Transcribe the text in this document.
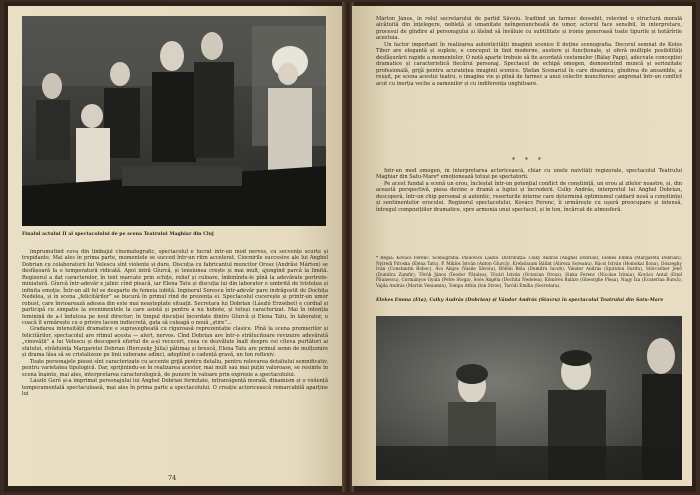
Finalul actului II al spectacolului de pe scena Teatrului Maghiar din Cluj

împrumutînd ceva din limbajul cinematografic, spectacolul e lucrat într-un mod nervos, cu secvențe scurte și trepidante. Mai ales în prima parte, momentele se succed într-un ritm accelerat. Ciocnirile succesive ale lui Anghel Dobrian cu colaboratorii lui Velescu sînt violente și dure. Discuția cu fabricantul muncitor Orosz (Andrăsi Márton) se desfășoară la o temperatură ridicată. Apoi intră Gîurcă, și tensiunea crește și mai mult, ajungînd parcă la limită. Regizorul a dat caracterelor, în text marcate prin schițe, relief și culoare, îmbinîndu-le pînă la adevărate portrete-miniatură. Gîurcă într-adevăr e jalnic cînd pleacă, iar Elena Tatu și discuția lui din laborator e umbrită de tristețea și infinita emoție. Într-un alt fel se desparte de femeia iubită. Inginerul Sorescu într-adevăr pare indrăgostit de Dochița Nedelea, și în scena „felicitărilor” se bucură în primul rînd de prezența ei. Spectacolul cucerește și printr-un umor robust, care învioarează adesea din este mai neașteptate situații. Secretara lui Dobrian (László Erzsébet) e cordial și participă cu simpatie la evenimentele la care asistă și pentru a nu hohote, și totuși caracterizat. Mai în intenția feminină de a-l îndulcea pe noul director; în timpul discuției încordate dintre Gîurcă și Elena Tatu, în laborator, o coacă îl urmărește cu o privire lacom indiscretă, gata să culeagă o nouă „știre”...

Gradarea intensității dramatice e supravegheată cu riguroasă reprezentație clasice. Pînă la scena premierilor și felicitărilor, spectacolul are ritmul acesta — alert, nervos. Cînd Dobrian are într-o strălucitoare revizuire adevărată „vinovății” a lui Velescu și descoperă efortul de a-și recuceri, ceea ce dezvăluie înalt despre cei cîteva purtători ai sfatului, străduința Margaretei Dobrian (Berczeky Júlia) pătimaș și bruscă, Elena Tatu are primul semn de mulțumire și drama lăsa să se cristalizeze pe linii suberane adînci, adoptînd o cadență gravă, un ton reflexiv.

Toate personajele piesei sînt caracterizate cu accente grijă pentru detaliu, pentru relevarea detaliului semnificativ, pentru varietatea tipologică. Dar, sprijinindu-se în realizarea acestor, mai mult sau mai puțin valoroase, se resimte în scena înainte, mai ales, interpretarea caracterologică, de punere în valoare prin expresie a spectacolului.

László Gerő și-a imprimat personajului lui Anghel Dobrian fermitate, intransigență morală, dinamism și o violență temperamentală spectaculoasă, mai ales în prima parte a spectacolului. O creație actoricească remarcabilă aparține lui

74

Márton János, în rolul secretarului de partid Săvoiu. Iradiind un farmec deosebit, relevînd o structură morală alcătuită din înțelegere, nobleță și umanitate neîngenuncheată de umor, actorul face sensibil, în interpretare, procesul de gîndire al personajului și lăsînd să învăluie cu subtilitate și ironie generoasă toate tipurile și hotărîrile acestuia.

Un factor important în realizarea autenticității imaginii scenice îl deține scenografia. Decorul semnat de Kolos Tibor are elegantă și supleie, e conceput în linii moderne, austere și funcționale, și oferă multiple posibilități desfășurării rapide a momentelor. O notă aparte trebuie să fie acordată costumelor (Bálay Papp), adecvate concepției dramatice și caracteristică fiecărui personaj. Spectacol de echipă omogen, demonstrînd muncă și seriozitate profesională, grijă pentru acuratețea imaginii scenice. Ștefan Scenariul în care dinamica, gîndirea de ansamblu, a reușit, pe scena acestui teatru, o imagine vie și plină de farmec a unui colectiv muncitoresc angrenat într-un conflict acut cu inerția veche a oamenilor și cu indiferența unghitoare.

* * *

Într-un mod omogen, în interpretarea actoricească, chiar cu unele naivități regizorale, spectacolul Teatrului Maghiar din Satu-Mare* emoționează totuși pe spectatorii.

Pe acest fundal a scenă un erou, încleștat într-un potențial conflict de conștiință, un erou al zilelor noastre, și, din această perspectivă, piesa devine o dramă a luptei și încrederii. Csiky András, interpretul lui Anghel Dobrian, descoperă, într-un chip personal și autentic, resorturile interne care determină optimismul caldarii nosă a conștiinței și sentimentelor erocului. Regizorul spectacolului, Kovács Ferenc, îi urmărește cu ușură preocupare și intensă, întregul compozițiilor dramatice, spre armonia unui spectacol, și în ton, încărcat de atmosferă.

* Regia: Kovács Ferenc. Scenografia: Paulovics László. Distribuția: Csiky András (Anghel Dobrian), Elekes Emma (Margareta Dobrian), Nyiredi Piroska (Elena Tatu), P. Miklós István (Anton Gîurcă), Krebsbaum Bálint (Alireza Soreanu), Bácsi István (Homokai Ilona), Dószeghy Iván (Constantin Boboc), Ács Alajos (Vasile Săvoiu), Bölöni Béla (Dumitru Iacob), Vándor András (Spiridon Surdu), Störcsöber Jenő (Dumitra Zamfir), Török János (Teodor Pătulea), Tóvári István (Octavian Orosz), Sinka Ferenc (Nicolae Irimia), Kovács Antal (Emil Păunescu), Cormányos Gyula (Petre Stoga), Soós Angéla (Dochița Nedelea), Kömíves Balázs (Gheorghe Pleșa), Nagy Iza (Ecaterina Bursă), Vajda András (Martin Veniamin), Tompa Attila (Ion Stroe), Taródi Emília (Secretara).
Elekes Emma (Eta), Csiky András (Dobrian) și Vándor András (Stavru) în spectacolul Teatrului din Satu-Mare
